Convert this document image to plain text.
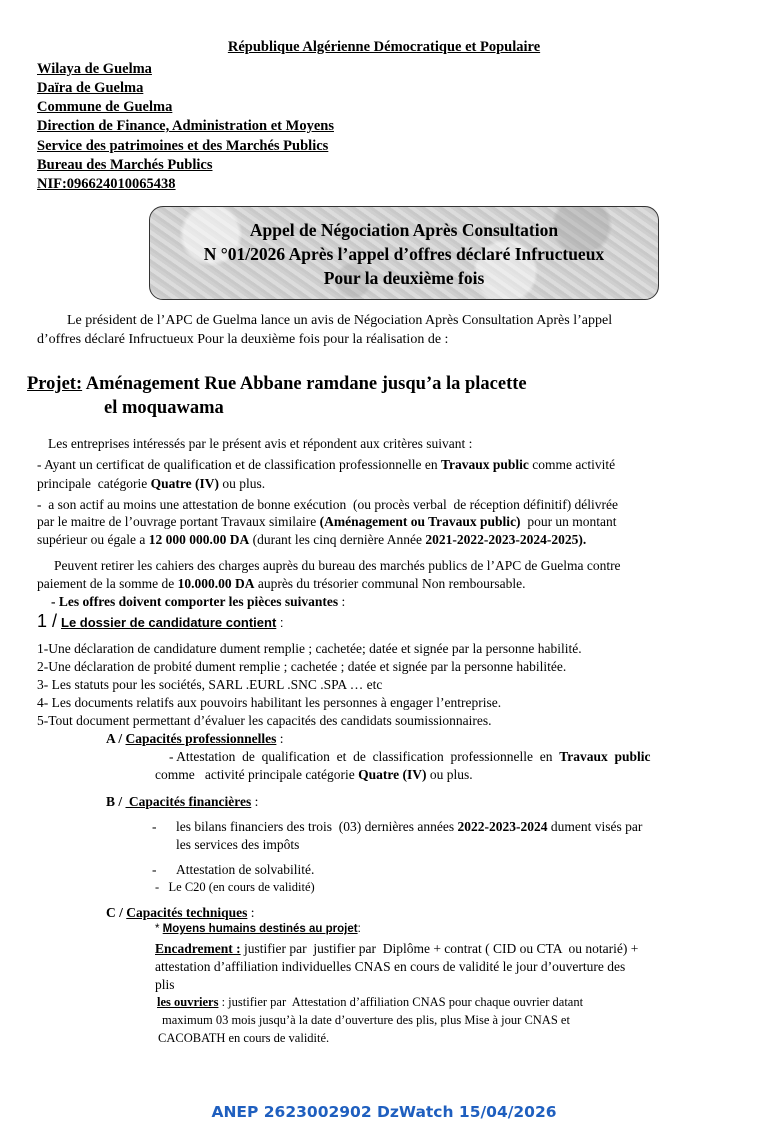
République Algérienne Démocratique et Populaire
Wilaya de Guelma
Daïra de Guelma
Commune de Guelma
Direction de Finance, Administration et Moyens
Service des patrimoines et des Marchés Publics
Bureau des Marchés Publics
NIF:096624010065438
Appel de Négociation Après Consultation
N °01/2026 Après l’appel d’offres déclaré Infructueux
Pour la deuxième fois
Le président de l’APC de Guelma lance un avis de Négociation Après Consultation Après l’appel
d’offres déclaré Infructueux Pour la deuxième fois pour la réalisation de :
Projet: Aménagement Rue Abbane ramdane jusqu’a la placette
el moquawama
Les entreprises intéressés par le présent avis et répondent aux critères suivant :
- Ayant un certificat de qualification et de classification professionnelle en Travaux public comme activité
principale  catégorie Quatre (IV) ou plus.
-  a son actif au moins une attestation de bonne exécution  (ou procès verbal  de réception définitif) délivrée
par le maitre de l’ouvrage portant Travaux similaire (Aménagement ou Travaux public)  pour un montant
supérieur ou égale a 12 000 000.00 DA (durant les cinq dernière Année 2021-2022-2023-2024-2025).
Peuvent retirer les cahiers des charges auprès du bureau des marchés publics de l’APC de Guelma contre
paiement de la somme de 10.000.00 DA auprès du trésorier communal Non remboursable.
- Les offres doivent comporter les pièces suivantes :
1 / Le dossier de candidature contient :
1-Une déclaration de candidature dument remplie ; cachetée; datée et signée par la personne habilité.
2-Une déclaration de probité dument remplie ; cachetée ; datée et signée par la personne habilitée.
3- Les statuts pour les sociétés, SARL .EURL .SNC .SPA … etc
4- Les documents relatifs aux pouvoirs habilitant les personnes à engager l’entreprise.
5-Tout document permettant d’évaluer les capacités des candidats soumissionnaires.
A / Capacités professionnelles :
- Attestation  de  qualification  et  de  classification  professionnelle  en  Travaux  public
comme   activité principale catégorie Quatre (IV) ou plus.
B /  Capacités financières :
- les bilans financiers des trois  (03) dernières années 2022-2023-2024 dument visés par
les services des impôts
- Attestation de solvabilité.
-   Le C20 (en cours de validité)
C / Capacités techniques :
* Moyens humains destinés au projet:
Encadrement : justifier par  justifier par  Diplôme + contrat ( CID ou CTA  ou notarié) +
attestation d’affiliation individuelles CNAS en cours de validité le jour d’ouverture des
plis
les ouvriers : justifier par  Attestation d’affiliation CNAS pour chaque ouvrier datant
maximum 03 mois jusqu’à la date d’ouverture des plis, plus Mise à jour CNAS et
CACOBATH en cours de validité.
ANEP 2623002902 DzWatch 15/04/2026
